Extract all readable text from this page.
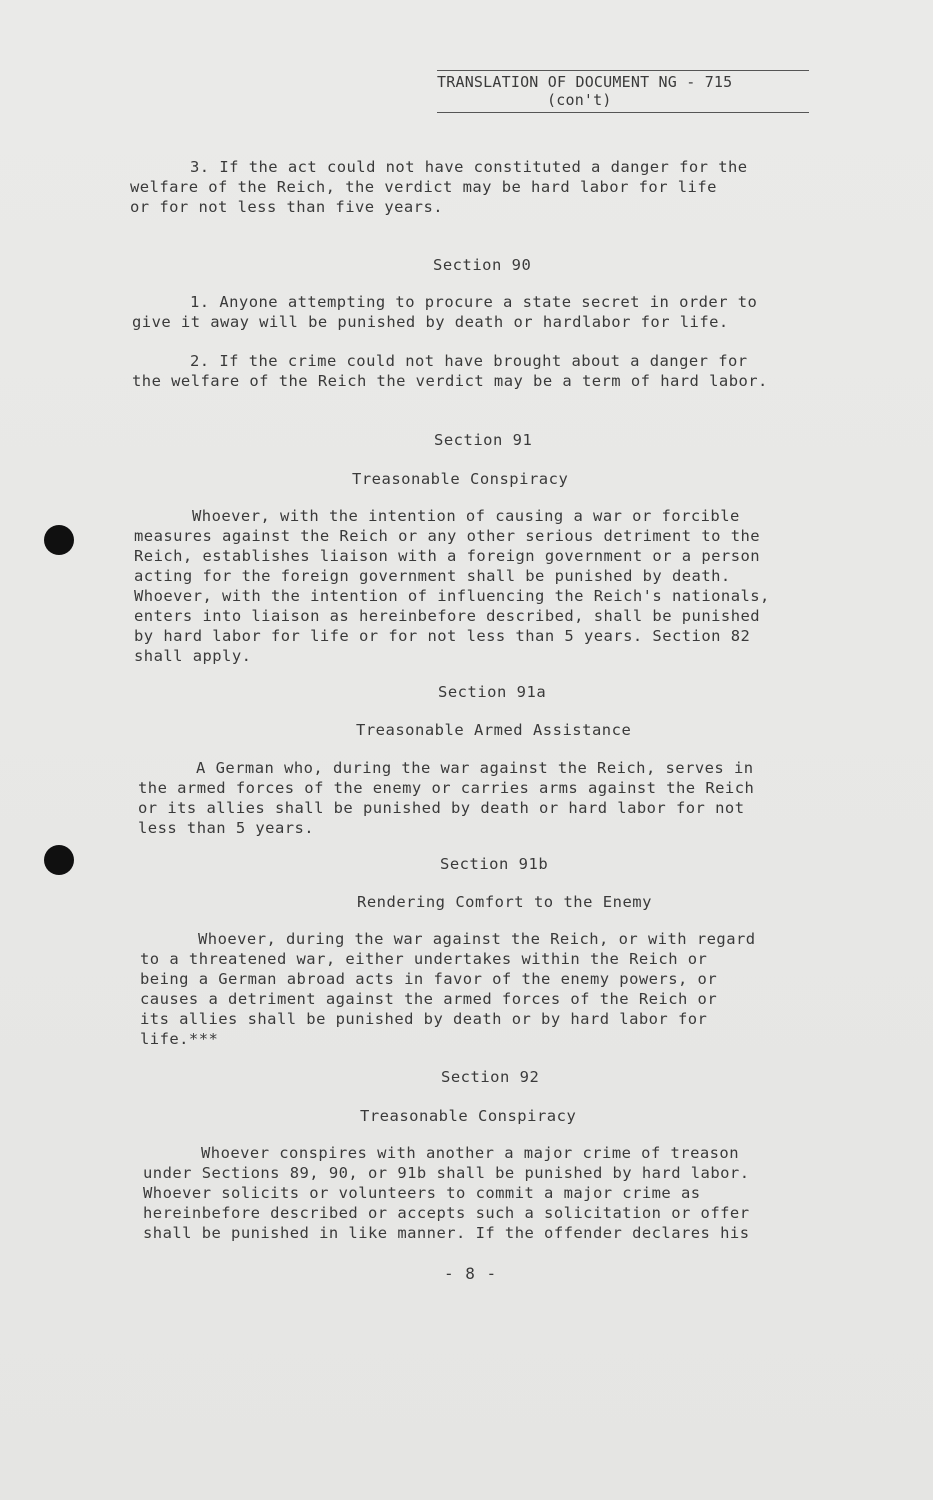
TRANSLATION OF DOCUMENT NG - 715
(con't)
3. If the act could not have constituted a danger for the
welfare of the Reich, the verdict may be hard labor for life
or for not less than five years.
Section 90
1. Anyone attempting to procure a state secret in order to
give it away will be punished by death or hardlabor for life.
2. If the crime could not have brought about a danger for
the welfare of the Reich the verdict may be a term of hard labor.
Section 91
Treasonable Conspiracy
Whoever, with the intention of causing a war or forcible
measures against the Reich or any other serious detriment to the
Reich, establishes liaison with a foreign government or a person
acting for the foreign government shall be punished by death.
Whoever, with the intention of influencing the Reich's nationals,
enters into liaison as hereinbefore described, shall be punished
by hard labor for life or for not less than 5 years. Section 82
shall apply.
Section 91a
Treasonable Armed Assistance
A German who, during the war against the Reich, serves in
the armed forces of the enemy or carries arms against the Reich
or its allies shall be punished by death or hard labor for not
less than 5 years.
Section 91b
Rendering Comfort to the Enemy
Whoever, during the war against the Reich, or with regard
to a threatened war, either undertakes within the Reich or
being a German abroad acts in favor of the enemy powers, or
causes a detriment against the armed forces of the Reich or
its allies shall be punished by death or by hard labor for
life.***
Section 92
Treasonable Conspiracy
Whoever conspires with another a major crime of treason
under Sections 89, 90, or 91b shall be punished by hard labor.
Whoever solicits or volunteers to commit a major crime as
hereinbefore described or accepts such a solicitation or offer
shall be punished in like manner. If the offender declares his
- 8 -
